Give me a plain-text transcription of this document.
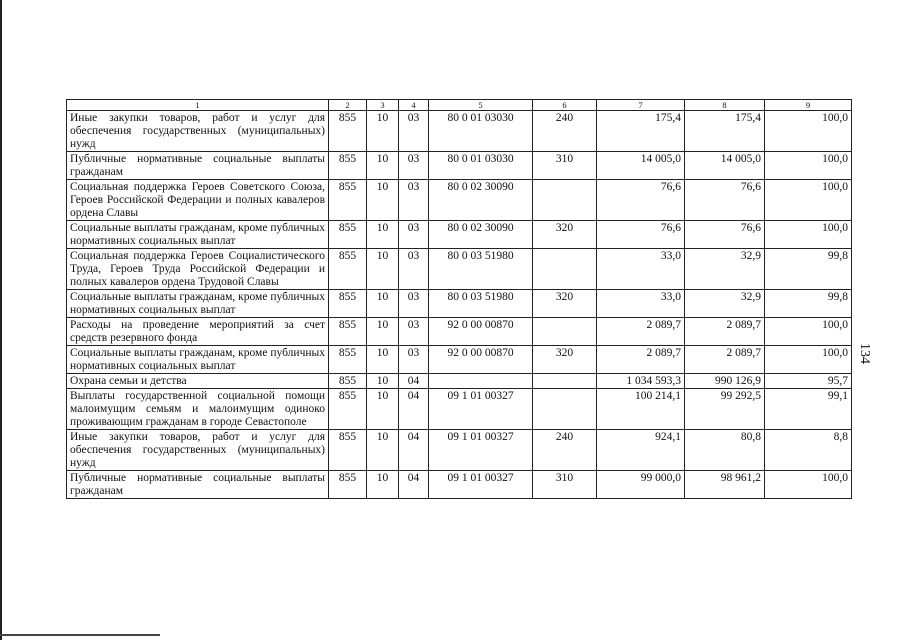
134
1	2	3	4	5	6	7	8	9
Иные закупки товаров, работ и услуг для обеспечения государственных (муниципальных) нужд	855	10	03	80 0 01 03030	240	175,4	175,4	100,0
Публичные нормативные социальные выплаты гражданам	855	10	03	80 0 01 03030	310	14 005,0	14 005,0	100,0
Социальная поддержка Героев Советского Союза, Героев Российской Федерации и полных кавалеров ордена Славы	855	10	03	80 0 02 30090		76,6	76,6	100,0
Социальные выплаты гражданам, кроме публичных нормативных социальных выплат	855	10	03	80 0 02 30090	320	76,6	76,6	100,0
Социальная поддержка Героев Социалистического Труда, Героев Труда Российской Федерации и полных кавалеров ордена Трудовой Славы	855	10	03	80 0 03 51980		33,0	32,9	99,8
Социальные выплаты гражданам, кроме публичных нормативных социальных выплат	855	10	03	80 0 03 51980	320	33,0	32,9	99,8
Расходы на проведение мероприятий за счет средств резервного фонда	855	10	03	92 0 00 00870		2 089,7	2 089,7	100,0
Социальные выплаты гражданам, кроме публичных нормативных социальных выплат	855	10	03	92 0 00 00870	320	2 089,7	2 089,7	100,0
Охрана семьи и детства	855	10	04			1 034 593,3	990 126,9	95,7
Выплаты государственной социальной помощи малоимущим семьям и малоимущим одиноко проживающим гражданам в городе Севастополе	855	10	04	09 1 01 00327		100 214,1	99 292,5	99,1
Иные закупки товаров, работ и услуг для обеспечения государственных (муниципальных) нужд	855	10	04	09 1 01 00327	240	924,1	80,8	8,8
Публичные нормативные социальные выплаты гражданам	855	10	04	09 1 01 00327	310	99 000,0	98 961,2	100,0
